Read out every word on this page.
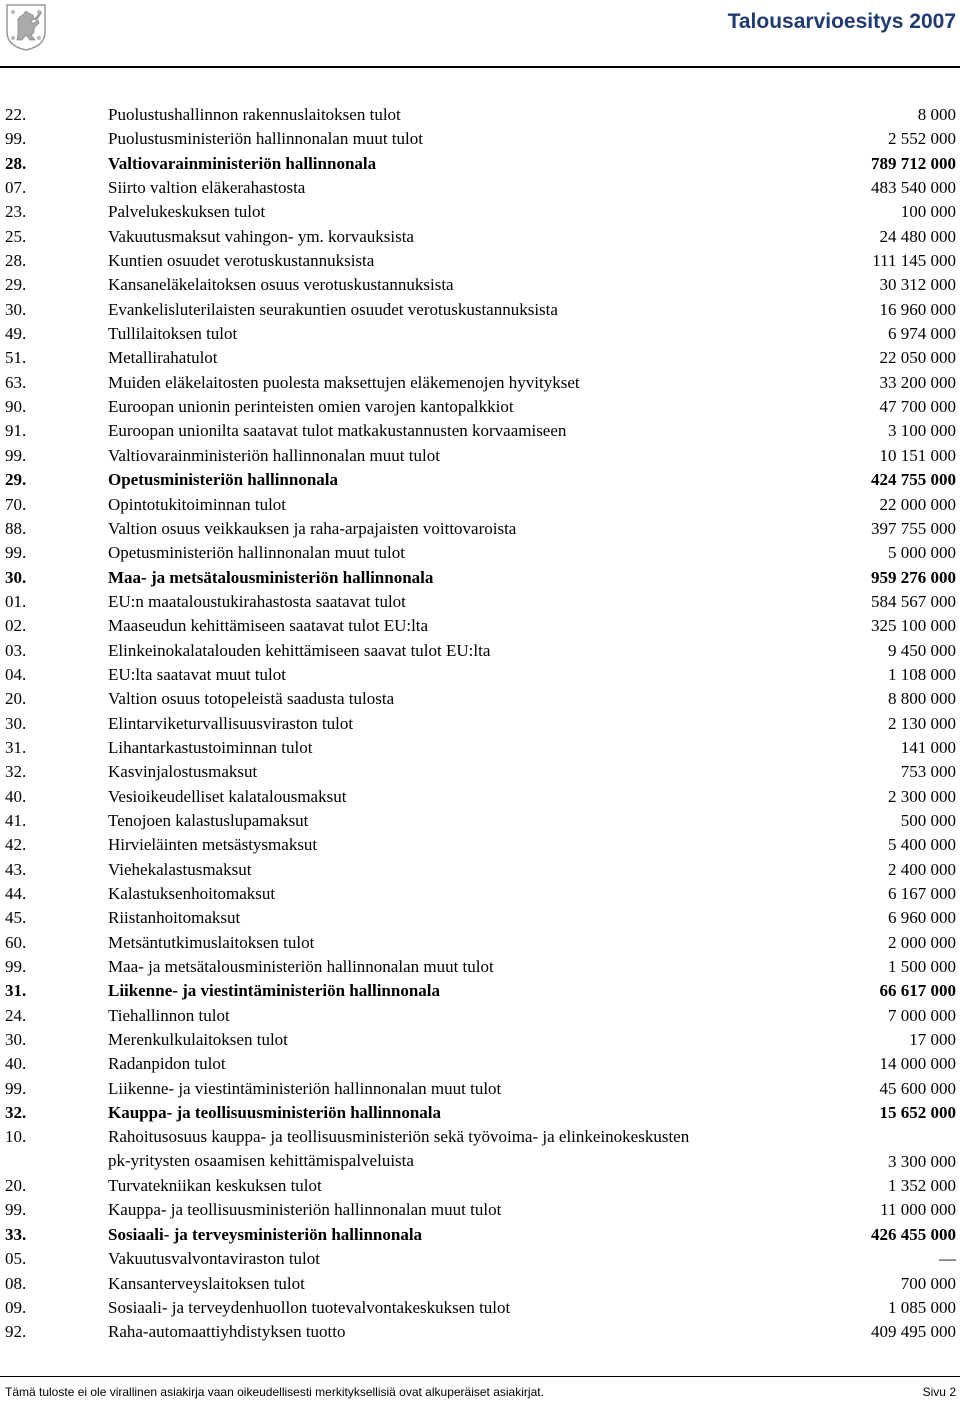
Talousarvioesitys 2007
22.	Puolustushallinnon rakennuslaitoksen tulot	8 000
99.	Puolustusministeriön hallinnonalan muut tulot	2 552 000
28.	Valtiovarainministeriön hallinnonala	789 712 000
07.	Siirto valtion eläkerahastosta	483 540 000
23.	Palvelukeskuksen tulot	100 000
25.	Vakuutusmaksut vahingon- ym. korvauksista	24 480 000
28.	Kuntien osuudet verotuskustannuksista	111 145 000
29.	Kansaneläkelaitoksen osuus verotuskustannuksista	30 312 000
30.	Evankelisluterilaisten seurakuntien osuudet verotuskustannuksista	16 960 000
49.	Tullilaitoksen tulot	6 974 000
51.	Metallirahatulot	22 050 000
63.	Muiden eläkelaitosten puolesta maksettujen eläkemenojen hyvitykset	33 200 000
90.	Euroopan unionin perinteisten omien varojen kantopalkkiot	47 700 000
91.	Euroopan unionilta saatavat tulot matkakustannusten korvaamiseen	3 100 000
99.	Valtiovarainministeriön hallinnonalan muut tulot	10 151 000
29.	Opetusministeriön hallinnonala	424 755 000
70.	Opintotukitoiminnan tulot	22 000 000
88.	Valtion osuus veikkauksen ja raha-arpajaisten voittovaroista	397 755 000
99.	Opetusministeriön hallinnonalan muut tulot	5 000 000
30.	Maa- ja metsätalousministeriön hallinnonala	959 276 000
01.	EU:n maataloustukirahastosta saatavat tulot	584 567 000
02.	Maaseudun kehittämiseen saatavat tulot EU:lta	325 100 000
03.	Elinkeinokalatalouden kehittämiseen saavat tulot EU:lta	9 450 000
04.	EU:lta saatavat muut tulot	1 108 000
20.	Valtion osuus totopeleistä saadusta tulosta	8 800 000
30.	Elintarviketurvallisuusviraston tulot	2 130 000
31.	Lihantarkastustoiminnan tulot	141 000
32.	Kasvinjalostusmaksut	753 000
40.	Vesioikeudelliset kalatalousmaksut	2 300 000
41.	Tenojoen kalastuslupamaksut	500 000
42.	Hirvieläinten metsästysmaksut	5 400 000
43.	Viehekalastusmaksut	2 400 000
44.	Kalastuksenhoitomaksut	6 167 000
45.	Riistanhoitomaksut	6 960 000
60.	Metsäntutkimuslaitoksen tulot	2 000 000
99.	Maa- ja metsätalousministeriön hallinnonalan muut tulot	1 500 000
31.	Liikenne- ja viestintäministeriön hallinnonala	66 617 000
24.	Tiehallinnon tulot	7 000 000
30.	Merenkulkulaitoksen tulot	17 000
40.	Radanpidon tulot	14 000 000
99.	Liikenne- ja viestintäministeriön hallinnonalan muut tulot	45 600 000
32.	Kauppa- ja teollisuusministeriön hallinnonala	15 652 000
10.	Rahoitusosuus kauppa- ja teollisuusministeriön sekä työvoima- ja elinkeinokeskusten pk-yritysten osaamisen kehittämispalveluista	3 300 000
20.	Turvatekniikan keskuksen tulot	1 352 000
99.	Kauppa- ja teollisuusministeriön hallinnonalan muut tulot	11 000 000
33.	Sosiaali- ja terveysministeriön hallinnonala	426 455 000
05.	Vakuutusvalvontaviraston tulot	—
08.	Kansanterveyslaitoksen tulot	700 000
09.	Sosiaali- ja terveydenhuollon tuotevalvontakeskuksen tulot	1 085 000
92.	Raha-automaattiyhdistyksen tuotto	409 495 000
Tämä tuloste ei ole virallinen asiakirja vaan oikeudellisesti merkityksellisiä ovat alkuperäiset asiakirjat.	Sivu 2
